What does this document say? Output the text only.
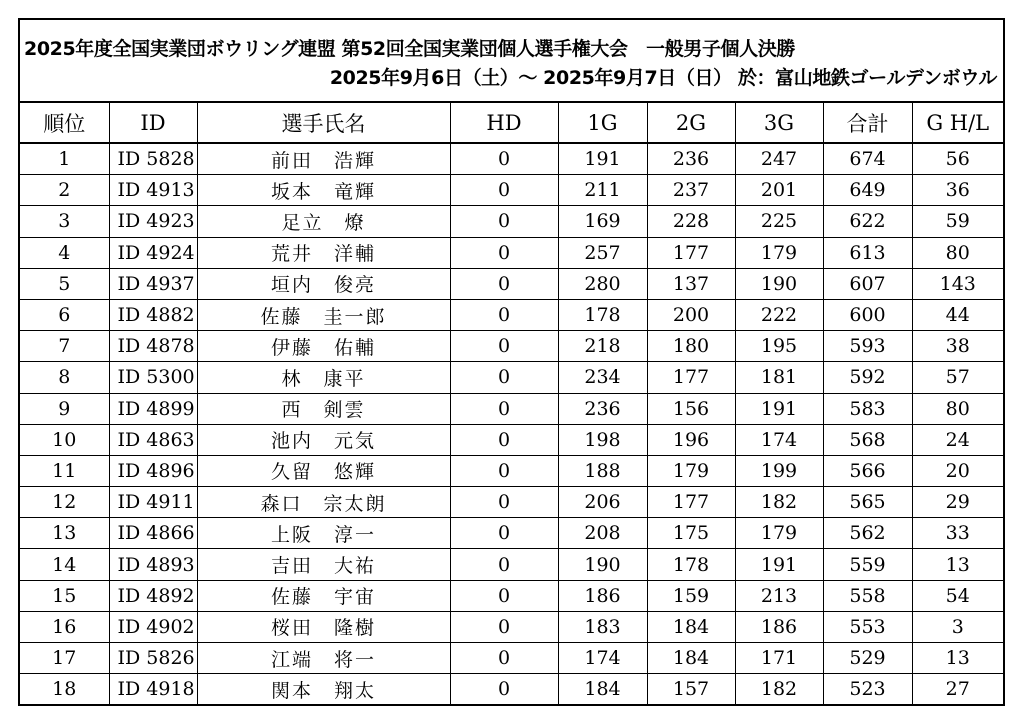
2025年度全国実業団ボウリング連盟 第52回全国実業団個人選手権大会　一般男子個人決勝
2025年9月6日（土）～ 2025年9月7日（日） 於：富山地鉄ゴールデンボウル
順位	ID	選手氏名	HD	1G	2G	3G	合計	G H/L
1	ID 5828	前田　浩輝	0	191	236	247	674	56
2	ID 4913	坂本　竜輝	0	211	237	201	649	36
3	ID 4923	足立　燎	0	169	228	225	622	59
4	ID 4924	荒井　洋輔	0	257	177	179	613	80
5	ID 4937	垣内　俊亮	0	280	137	190	607	143
6	ID 4882	佐藤　圭一郎	0	178	200	222	600	44
7	ID 4878	伊藤　佑輔	0	218	180	195	593	38
8	ID 5300	林　康平	0	234	177	181	592	57
9	ID 4899	西　剣雲	0	236	156	191	583	80
10	ID 4863	池内　元気	0	198	196	174	568	24
11	ID 4896	久留　悠輝	0	188	179	199	566	20
12	ID 4911	森口　宗太朗	0	206	177	182	565	29
13	ID 4866	上阪　淳一	0	208	175	179	562	33
14	ID 4893	吉田　大祐	0	190	178	191	559	13
15	ID 4892	佐藤　宇宙	0	186	159	213	558	54
16	ID 4902	桜田　隆樹	0	183	184	186	553	3
17	ID 5826	江端　将一	0	174	184	171	529	13
18	ID 4918	関本　翔太	0	184	157	182	523	27
